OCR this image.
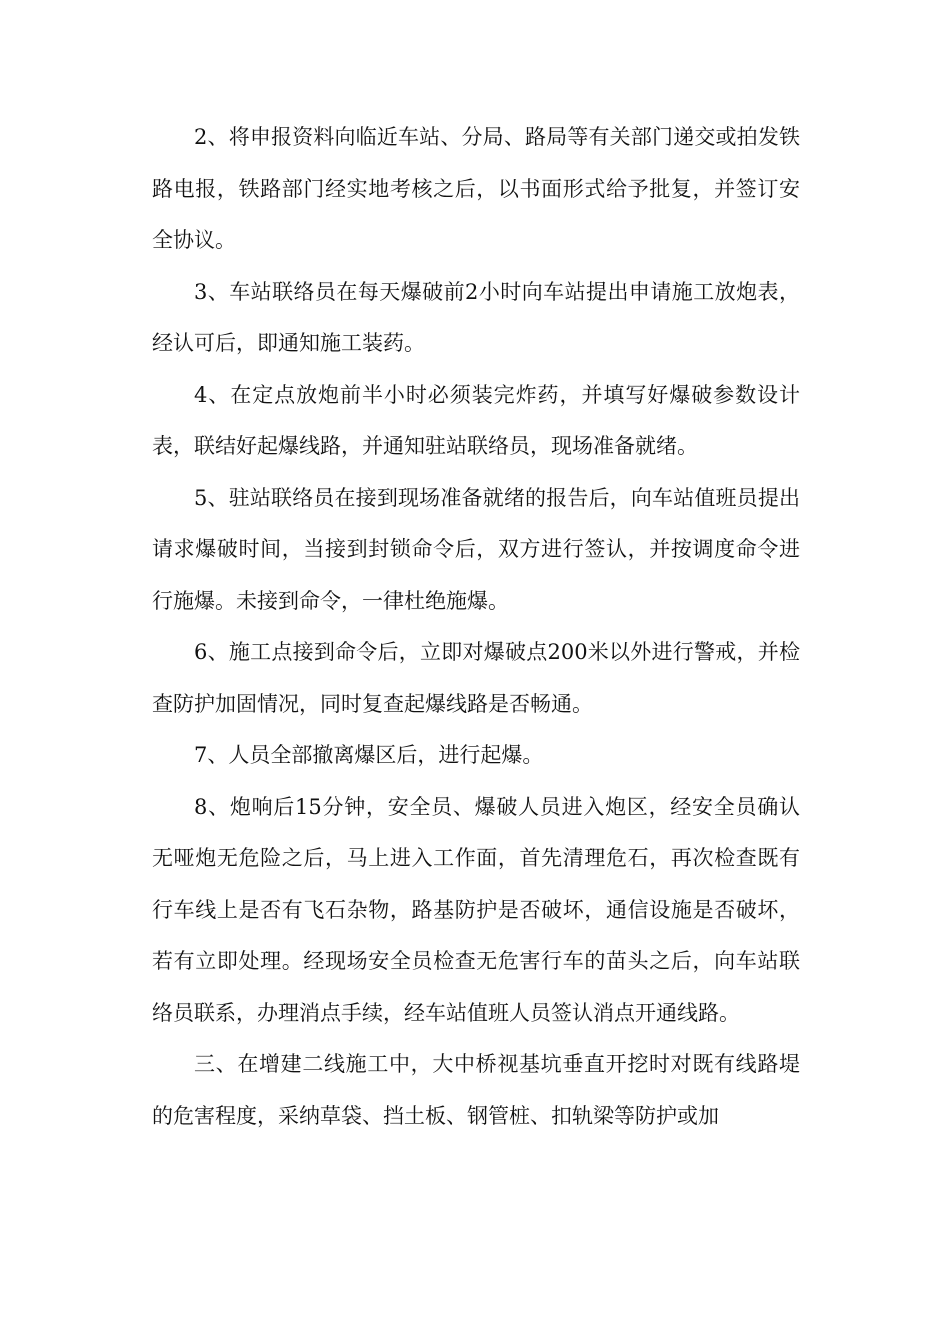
2、将申报资料向临近车站、分局、路局等有关部门递交或拍发铁路电报，铁路部门经实地考核之后，以书面形式给予批复，并签订安全协议。

3、车站联络员在每天爆破前2小时向车站提出申请施工放炮表，经认可后，即通知施工装药。

4、在定点放炮前半小时必须装完炸药，并填写好爆破参数设计表，联结好起爆线路，并通知驻站联络员，现场准备就绪。

5、驻站联络员在接到现场准备就绪的报告后，向车站值班员提出请求爆破时间，当接到封锁命令后，双方进行签认，并按调度命令进行施爆。未接到命令，一律杜绝施爆。

6、施工点接到命令后，立即对爆破点200米以外进行警戒，并检查防护加固情况，同时复查起爆线路是否畅通。

7、人员全部撤离爆区后，进行起爆。

8、炮响后15分钟，安全员、爆破人员进入炮区，经安全员确认无哑炮无危险之后，马上进入工作面，首先清理危石，再次检查既有行车线上是否有飞石杂物，路基防护是否破坏，通信设施是否破坏，若有立即处理。经现场安全员检查无危害行车的苗头之后，向车站联络员联系，办理消点手续，经车站值班人员签认消点开通线路。

三、在增建二线施工中，大中桥视基坑垂直开挖时对既有线路堤的危害程度，采纳草袋、挡土板、钢管桩、扣轨梁等防护或加
